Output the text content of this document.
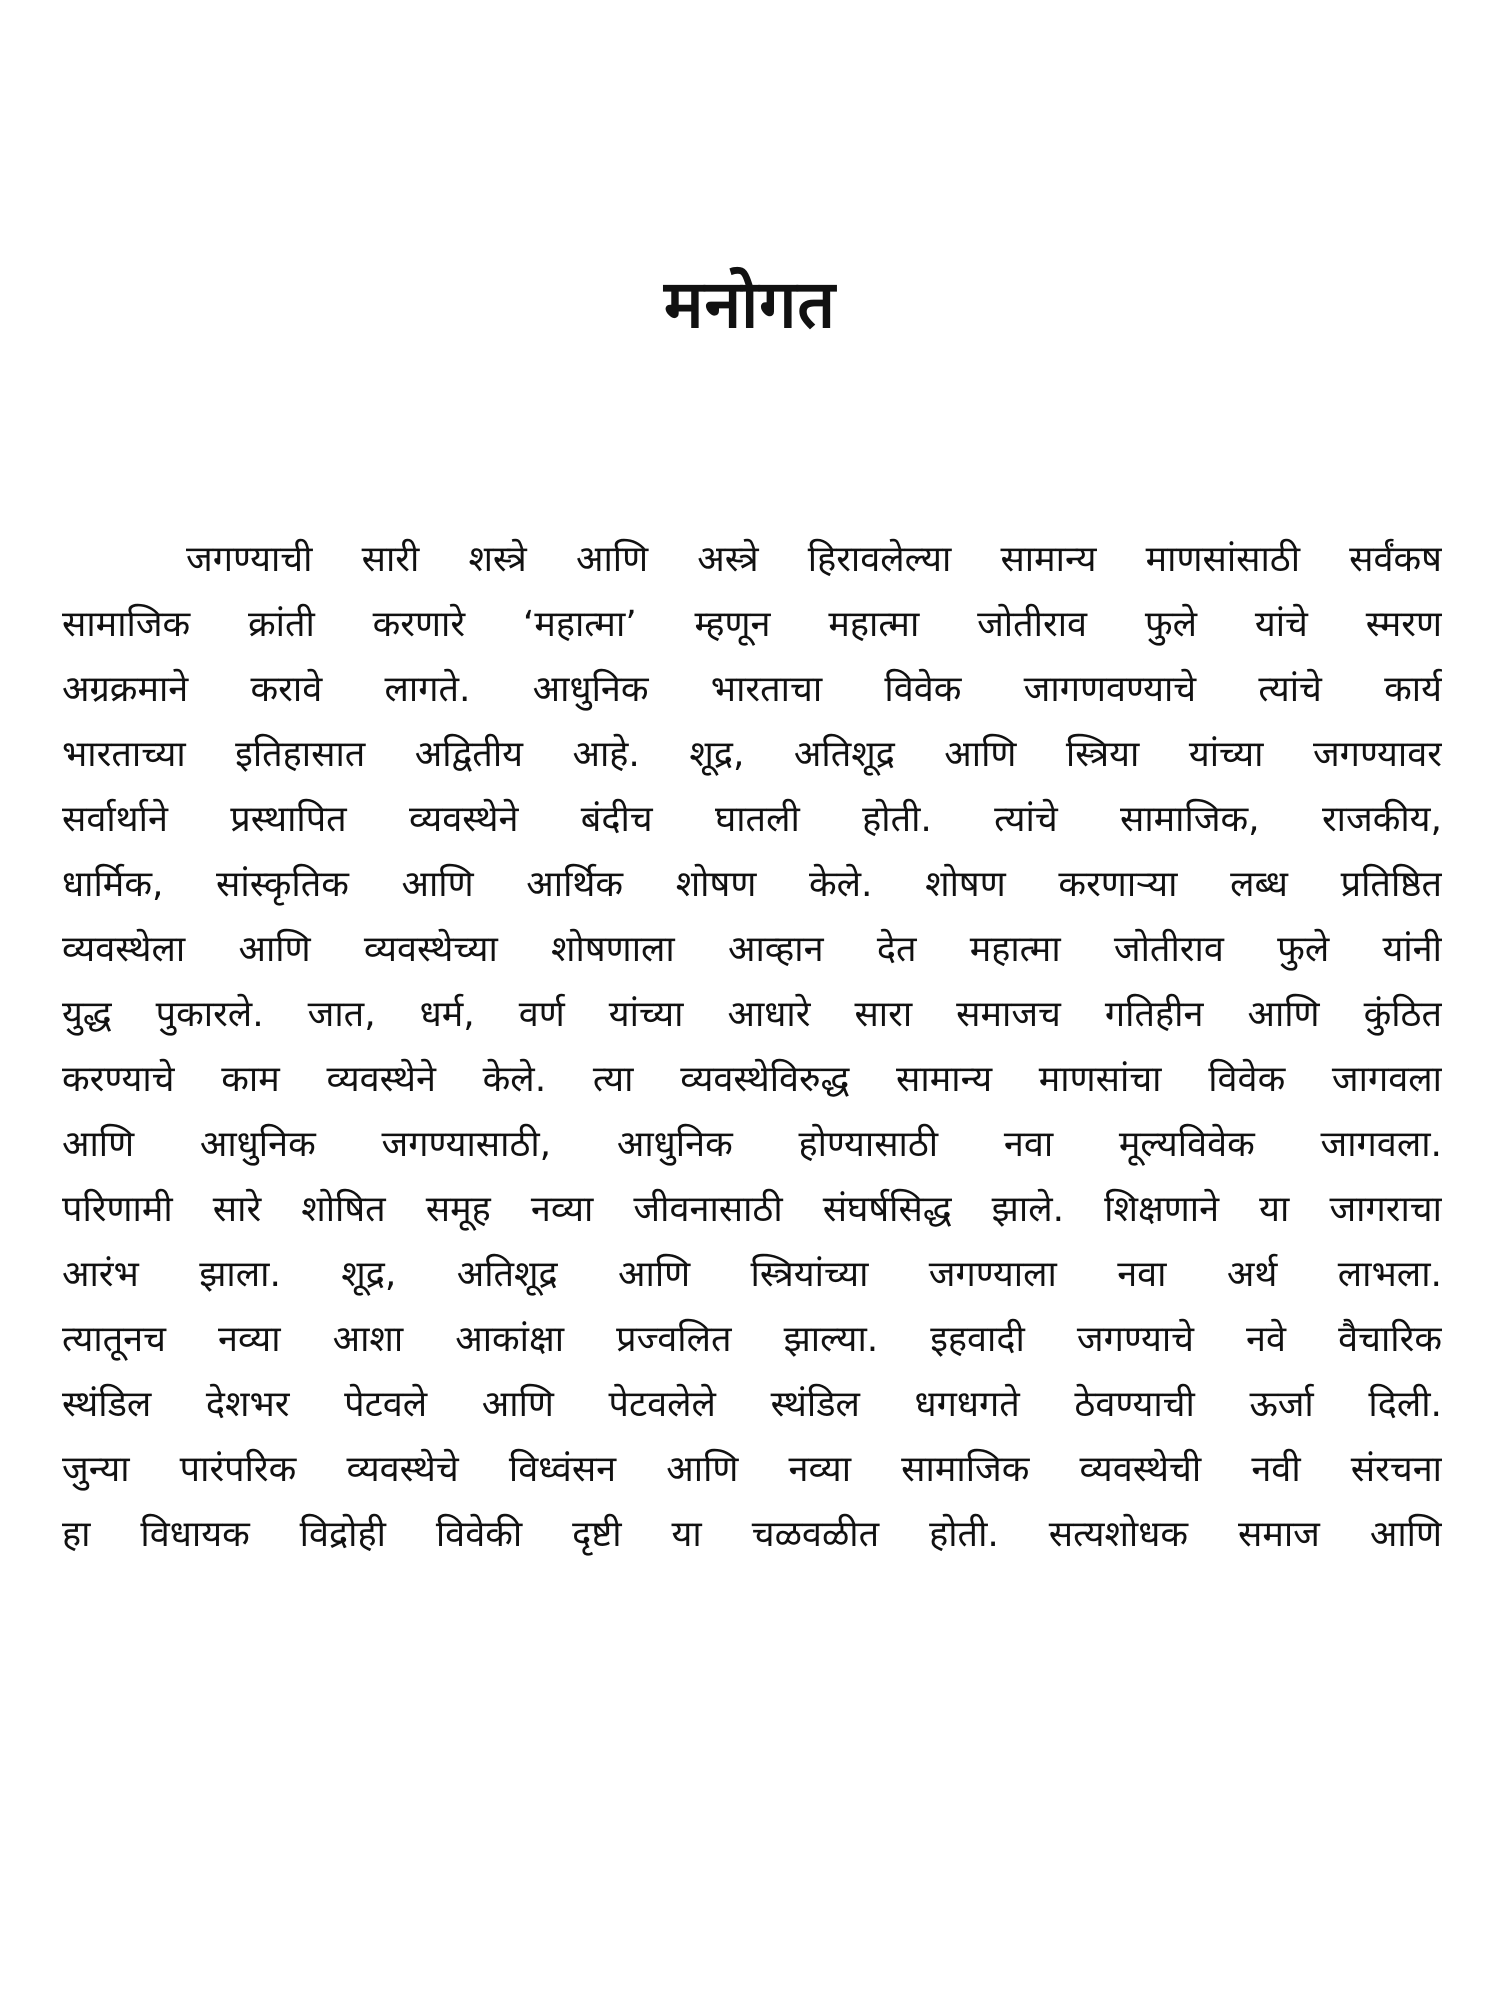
मनोगत
जगण्याची सारी शस्त्रे आणि अस्त्रे हिरावलेल्या सामान्य माणसांसाठी सर्वंकष
सामाजिक क्रांती करणारे ‘महात्मा’ म्हणून महात्मा जोतीराव फुले यांचे स्मरण
अग्रक्रमाने करावे लागते. आधुनिक भारताचा विवेक जागणवण्याचे त्यांचे कार्य
भारताच्या इतिहासात अद्वितीय आहे. शूद्र, अतिशूद्र आणि स्त्रिया यांच्या जगण्यावर
सर्वार्थाने प्रस्थापित व्यवस्थेने बंदीच घातली होती. त्यांचे सामाजिक, राजकीय,
धार्मिक, सांस्कृतिक आणि आर्थिक शोषण केले. शोषण करणाऱ्या लब्ध प्रतिष्ठित
व्यवस्थेला आणि व्यवस्थेच्या शोषणाला आव्हान देत महात्मा जोतीराव फुले यांनी
युद्ध पुकारले. जात, धर्म, वर्ण यांच्या आधारे सारा समाजच गतिहीन आणि कुंठित
करण्याचे काम व्यवस्थेने केले. त्या व्यवस्थेविरुद्ध सामान्य माणसांचा विवेक जागवला
आणि आधुनिक जगण्यासाठी, आधुनिक होण्यासाठी नवा मूल्यविवेक जागवला.
परिणामी सारे शोषित समूह नव्या जीवनासाठी संघर्षसिद्ध झाले. शिक्षणाने या जागराचा
आरंभ झाला. शूद्र, अतिशूद्र आणि स्त्रियांच्या जगण्याला नवा अर्थ लाभला.
त्यातूनच नव्या आशा आकांक्षा प्रज्वलित झाल्या. इहवादी जगण्याचे नवे वैचारिक
स्थंडिल देशभर पेटवले आणि पेटवलेले स्थंडिल धगधगते ठेवण्याची ऊर्जा दिली.
जुन्या पारंपरिक व्यवस्थेचे विध्वंसन आणि नव्या सामाजिक व्यवस्थेची नवी संरचना
हा विधायक विद्रोही विवेकी दृष्टी या चळवळीत होती. सत्यशोधक समाज आणि
